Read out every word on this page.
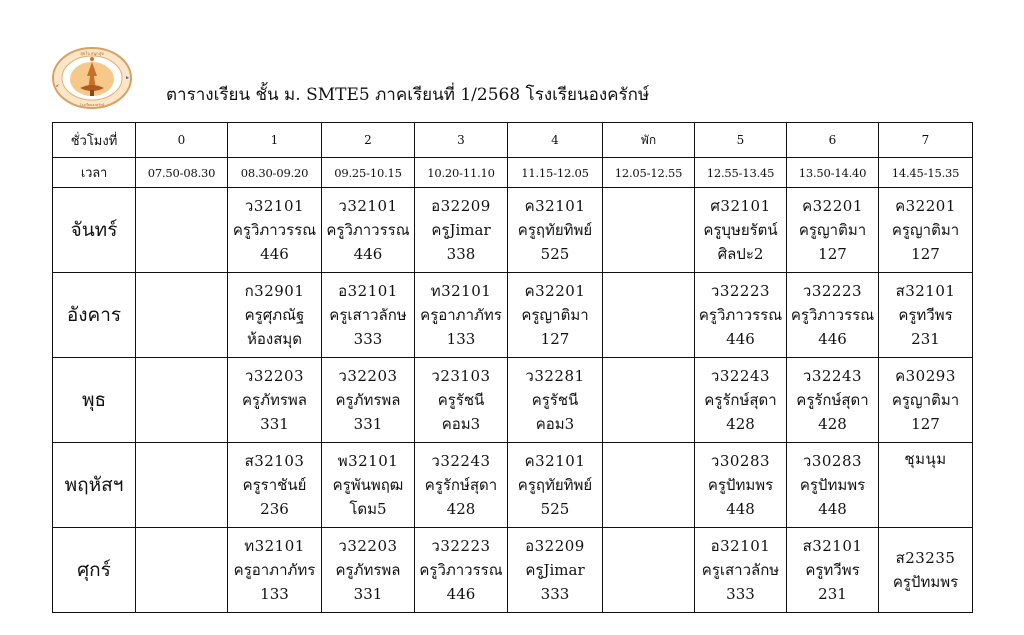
สุขใจ สนุกสุข
โรงเรียนองครักษ์	ตารางเรียน ชั้น ม. SMTE5 ภาคเรียนที่ 1/2568 โรงเรียนองครักษ์
ชั่วโมงที่	0	1	2	3	4	พัก	5	6	7
เวลา	07.50-08.30	08.30-09.20	09.25-10.15	10.20-11.10	11.15-12.05	12.05-12.55	12.55-13.45	13.50-14.40	14.45-15.35
จันทร์		ว32101
ครูวิภาวรรณ
446	ว32101
ครูวิภาวรรณ
446	อ32209
ครูJimar
338	ค32101
ครูฤทัยทิพย์
525		ศ32101
ครูบุษยรัตน์
ศิลปะ2	ค32201
ครูญาติมา
127	ค32201
ครูญาติมา
127

อังคาร		ก32901
ครูศุภณัฐ
ห้องสมุด	อ32101
ครูเสาวลักษ
333	ท32101
ครูอาภาภัทร
133	ค32201
ครูญาติมา
127		ว32223
ครูวิภาวรรณ
446	ว32223
ครูวิภาวรรณ
446	ส32101
ครูทวีพร
231

พุธ		ว32203
ครูภัทรพล
331	ว32203
ครูภัทรพล
331	ว23103
ครูรัชนี
คอม3	ว32281
ครูรัชนี
คอม3		ว32243
ครูรักษ์สุดา
428	ว32243
ครูรักษ์สุดา
428	ค30293
ครูญาติมา
127

พฤหัสฯ		ส32103
ครูราชันย์
236	พ32101
ครูพันพฤฒ
โดม5	ว32243
ครูรักษ์สุดา
428	ค32101
ครูฤทัยทิพย์
525		ว30283
ครูปัทมพร
448	ว30283
ครูปัทมพร
448	ชุมนุม

ศุกร์		ท32101
ครูอาภาภัทร
133	ว32203
ครูภัทรพล
331	ว32223
ครูวิภาวรรณ
446	อ32209
ครูJimar
333		อ32101
ครูเสาวลักษ
333	ส32101
ครูทวีพร
231	ส23235
ครูปัทมพร
